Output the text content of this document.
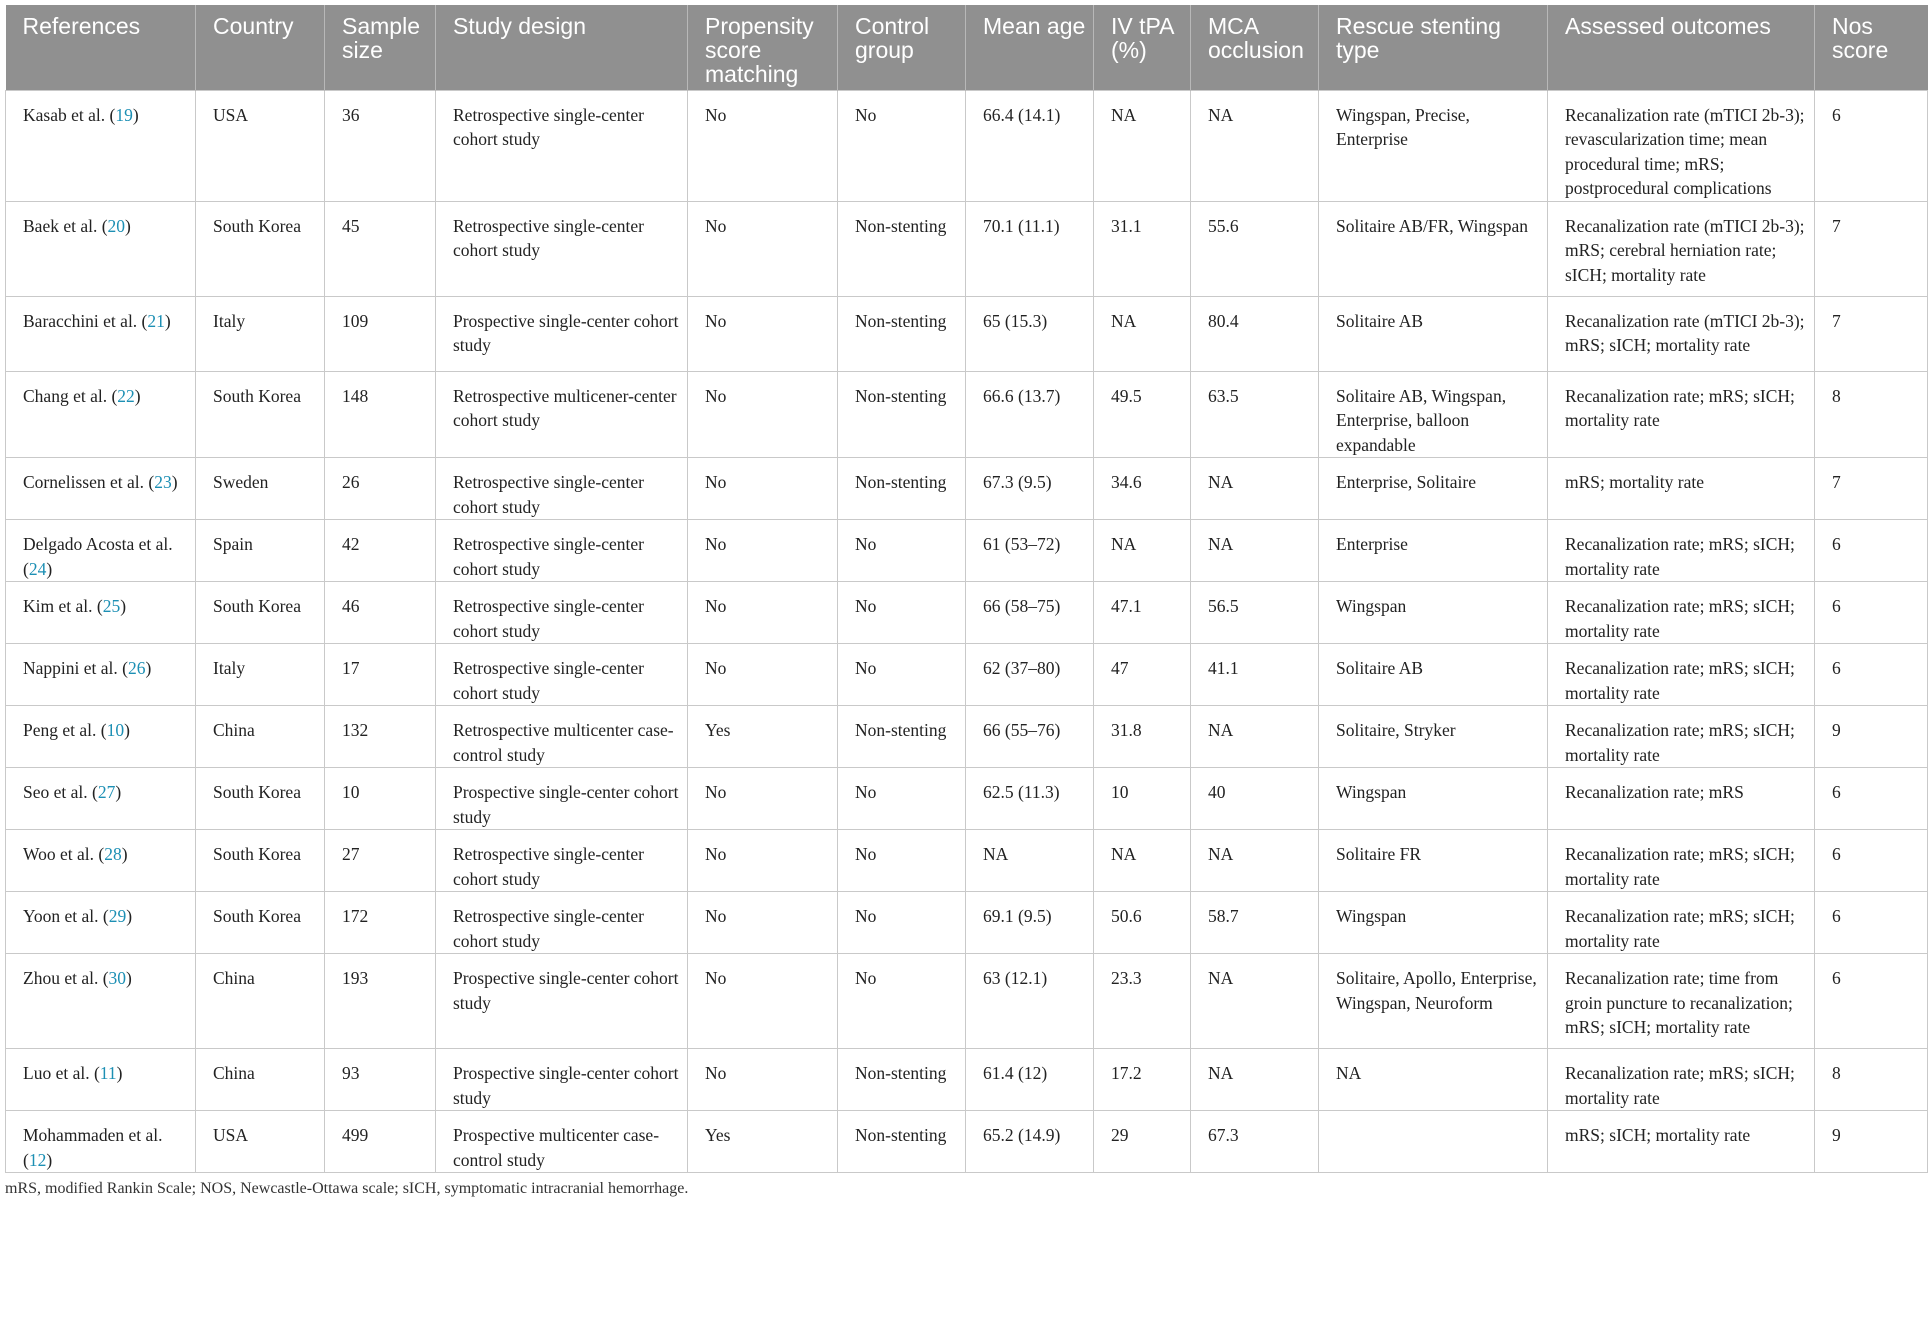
References	Country	Sample size	Study design	Propensity score matching	Control group	Mean age	IV tPA (%)	MCA occlusion	Rescue stenting type	Assessed outcomes	Nos score
Kasab et al. (19)	USA	36	Retrospective single-center cohort study	No	No	66.4 (14.1)	NA	NA	Wingspan, Precise, Enterprise	Recanalization rate (mTICI 2b-3); revascularization time; mean procedural time; mRS; postprocedural complications	6
Baek et al. (20)	South Korea	45	Retrospective single-center cohort study	No	Non-stenting	70.1 (11.1)	31.1	55.6	Solitaire AB/FR, Wingspan	Recanalization rate (mTICI 2b-3); mRS; cerebral herniation rate; sICH; mortality rate	7
Baracchini et al. (21)	Italy	109	Prospective single-center cohort study	No	Non-stenting	65 (15.3)	NA	80.4	Solitaire AB	Recanalization rate (mTICI 2b-3); mRS; sICH; mortality rate	7
Chang et al. (22)	South Korea	148	Retrospective multicener-center cohort study	No	Non-stenting	66.6 (13.7)	49.5	63.5	Solitaire AB, Wingspan, Enterprise, balloon expandable	Recanalization rate; mRS; sICH; mortality rate	8
Cornelissen et al. (23)	Sweden	26	Retrospective single-center cohort study	No	Non-stenting	67.3 (9.5)	34.6	NA	Enterprise, Solitaire	mRS; mortality rate	7
Delgado Acosta et al. (24)	Spain	42	Retrospective single-center cohort study	No	No	61 (53–72)	NA	NA	Enterprise	Recanalization rate; mRS; sICH; mortality rate	6
Kim et al. (25)	South Korea	46	Retrospective single-center cohort study	No	No	66 (58–75)	47.1	56.5	Wingspan	Recanalization rate; mRS; sICH; mortality rate	6
Nappini et al. (26)	Italy	17	Retrospective single-center cohort study	No	No	62 (37–80)	47	41.1	Solitaire AB	Recanalization rate; mRS; sICH; mortality rate	6
Peng et al. (10)	China	132	Retrospective multicenter case-control study	Yes	Non-stenting	66 (55–76)	31.8	NA	Solitaire, Stryker	Recanalization rate; mRS; sICH; mortality rate	9
Seo et al. (27)	South Korea	10	Prospective single-center cohort study	No	No	62.5 (11.3)	10	40	Wingspan	Recanalization rate; mRS	6
Woo et al. (28)	South Korea	27	Retrospective single-center cohort study	No	No	NA	NA	NA	Solitaire FR	Recanalization rate; mRS; sICH; mortality rate	6
Yoon et al. (29)	South Korea	172	Retrospective single-center cohort study	No	No	69.1 (9.5)	50.6	58.7	Wingspan	Recanalization rate; mRS; sICH; mortality rate	6
Zhou et al. (30)	China	193	Prospective single-center cohort study	No	No	63 (12.1)	23.3	NA	Solitaire, Apollo, Enterprise, Wingspan, Neuroform	Recanalization rate; time from groin puncture to recanalization; mRS; sICH; mortality rate	6
Luo et al. (11)	China	93	Prospective single-center cohort study	No	Non-stenting	61.4 (12)	17.2	NA	NA	Recanalization rate; mRS; sICH; mortality rate	8
Mohammaden et al. (12)	USA	499	Prospective multicenter case-control study	Yes	Non-stenting	65.2 (14.9)	29	67.3		mRS; sICH; mortality rate	9
mRS, modified Rankin Scale; NOS, Newcastle-Ottawa scale; sICH, symptomatic intracranial hemorrhage.
